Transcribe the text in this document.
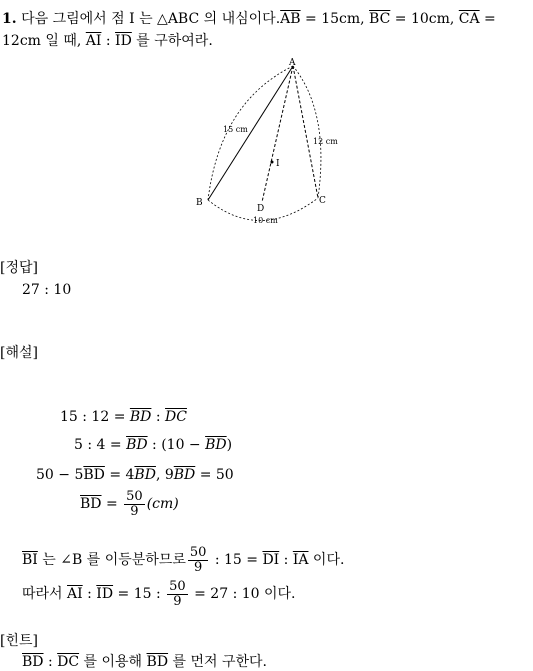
1. 다음 그림에서 점 I 는 △ABC 의 내심이다$.\overline{AB} = 15cm$, $\overline{BC} = 10cm$, $\overline{CA}$ =
12cm 일 때, $\overline{AI}$ : $\overline{ID}$ 를 구하여라.
A
B	C
D
I
15 cm
12 cm
10 cm
[정답]
27 : 10
[해설]
15 : $12 = \overline{BD}$ : $\overline{DC}$
5 : $4 = \overline{BD}$ : $(10 - \overline{BD})$
$50 - 5\overline{BD} = 4\overline{BD}$, $9\overline{BD} = 50$
$\overline{BD} = \frac{50}{9} (cm)$
$\overline{BI}$ 는 ∠B 를 이등분하므로 $\frac{50}{9}$ : $15 = \overline{DI}$ : $\overline{IA}$ 이다.
따라서 $\overline{AI}$ : $\overline{ID} = 15$ : $\frac{50}{9} = 27$ : 10 이다.
[힌트]
$\overline{BD}$ : $\overline{DC}$ 를 이용해 $\overline{BD}$ 를 먼저 구한다.
